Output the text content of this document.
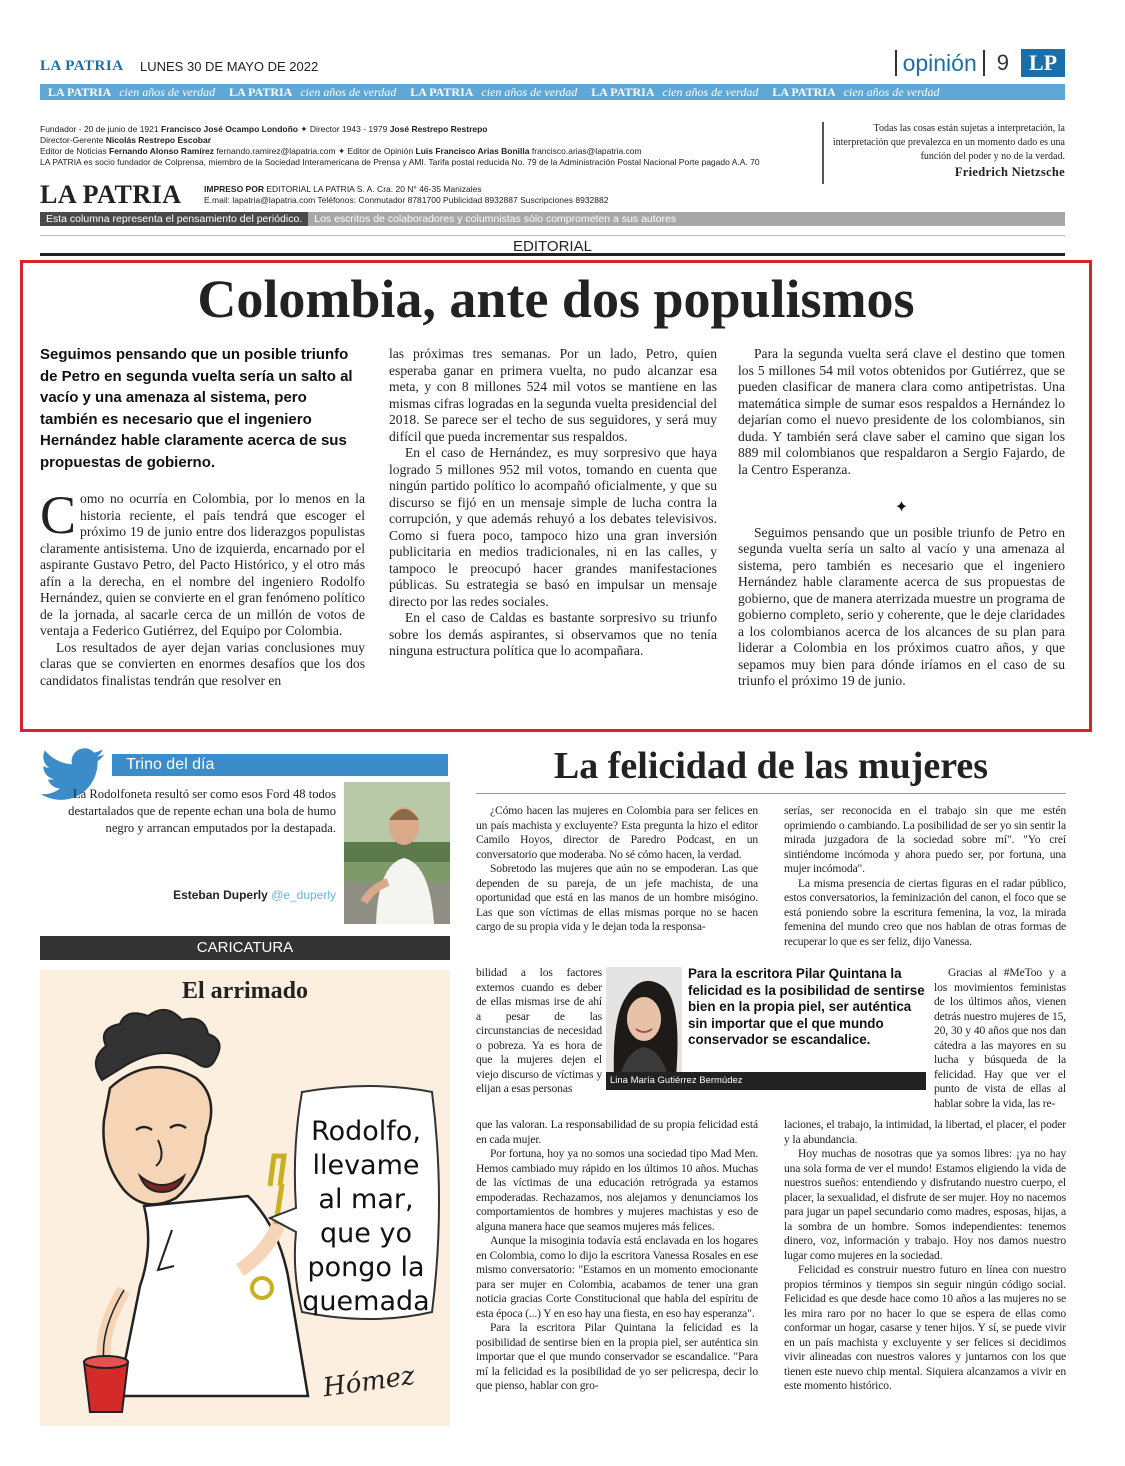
LA PATRIA LUNES 30 DE MAYO DE 2022	opinión 9 LP
LA PATRIA cien años de verdad LA PATRIA cien años de verdad LA PATRIA cien años de verdad LA PATRIA cien años de verdad LA PATRIA cien años de verdad
Fundador - 20 de junio de 1921 Francisco José Ocampo Londoño ✦ Director 1943 - 1979 José Restrepo Restrepo
Director-Gerente Nicolás Restrepo Escobar
Editor de Noticias Fernando Alonso Ramírez fernando.ramirez@lapatria.com ✦ Editor de Opinión Luis Francisco Arias Bonilla francisco.arias@lapatria.com
LA PATRIA es socio fundador de Colprensa, miembro de la Sociedad Interamericana de Prensa y AMI. Tarifa postal reducida No. 79 de la Administración Postal Nacional Porte pagado A.A. 70
Todas las cosas están sujetas a interpretación, la interpretación que prevalezca en un momento dado es una función del poder y no de la verdad.
Friedrich Nietzsche
LA PATRIA	IMPRESO POR EDITORIAL LA PATRIA S. A. Cra. 20 N° 46-35 Manizales
E.mail: lapatria@lapatria.com Teléfonos: Conmutador 8781700 Publicidad 8932887 Suscripciones 8932882
Esta columna representa el pensamiento del periódico.	Los escritos de colaboradores y columnistas sólo comprometen a sus autores
EDITORIAL
Colombia, ante dos populismos
Seguimos pensando que un posible triunfo de Petro en segunda vuelta sería un salto al vacío y una amenaza al sistema, pero también es necesario que el ingeniero Hernández hable claramente acerca de sus propuestas de gobierno.

Como no ocurría en Colombia, por lo menos en la historia reciente, el país tendrá que escoger el próximo 19 de junio entre dos liderazgos populistas claramente antisistema. Uno de izquierda, encarnado por el aspirante Gustavo Petro, del Pacto Histórico, y el otro más afín a la derecha, en el nombre del ingeniero Rodolfo Hernández, quien se convierte en el gran fenómeno político de la jornada, al sacarle cerca de un millón de votos de ventaja a Federico Gutiérrez, del Equipo por Colombia.

Los resultados de ayer dejan varias conclusiones muy claras que se convierten en enormes desafíos que los dos candidatos finalistas tendrán que resolver en

las próximas tres semanas. Por un lado, Petro, quien esperaba ganar en primera vuelta, no pudo alcanzar esa meta, y con 8 millones 524 mil votos se mantiene en las mismas cifras logradas en la segunda vuelta presidencial del 2018. Se parece ser el techo de sus seguidores, y será muy difícil que pueda incrementar sus respaldos.

En el caso de Hernández, es muy sorpresivo que haya logrado 5 millones 952 mil votos, tomando en cuenta que ningún partido político lo acompañó oficialmente, y que su discurso se fijó en un mensaje simple de lucha contra la corrupción, y que además rehuyó a los debates televisivos. Como si fuera poco, tampoco hizo una gran inversión publicitaria en medios tradicionales, ni en las calles, y tampoco le preocupó hacer grandes manifestaciones públicas. Su estrategia se basó en impulsar un mensaje directo por las redes sociales.

En el caso de Caldas es bastante sorpresivo su triunfo sobre los demás aspirantes, si observamos que no tenía ninguna estructura política que lo acompañara.

Para la segunda vuelta será clave el destino que tomen los 5 millones 54 mil votos obtenidos por Gutiérrez, que se pueden clasificar de manera clara como antipetristas. Una matemática simple de sumar esos respaldos a Hernández lo dejarían como el nuevo presidente de los colombianos, sin duda. Y también será clave saber el camino que sigan los 889 mil colombianos que respaldaron a Sergio Fajardo, de la Centro Esperanza.

✦

Seguimos pensando que un posible triunfo de Petro en segunda vuelta sería un salto al vacío y una amenaza al sistema, pero también es necesario que el ingeniero Hernández hable claramente acerca de sus propuestas de gobierno, que de manera aterrizada muestre un programa de gobierno completo, serio y coherente, que le deje claridades a los colombianos acerca de los alcances de su plan para liderar a Colombia en los próximos cuatro años, y que sepamos muy bien para dónde iríamos en el caso de su triunfo el próximo 19 de junio.

Trino del día
La Rodolfoneta resultó ser como esos Ford 48 todos destartalados que de repente echan una bola de humo negro y arrancan emputados por la destapada.
Esteban Duperly @e_duperly
CARICATURA
El arrimado
Rodolfo,
llevame
al mar,
que yo
pongo la
quemada
Hómez
La felicidad de las mujeres

¿Cómo hacen las mujeres en Colombia para ser felices en un país machista y excluyente? Esta pregunta la hizo el editor Camilo Hoyos, director de Paredro Podcast, en un conversatorio que moderaba. No sé cómo hacen, la verdad.

Sobretodo las mujeres que aún no se empoderan. Las que dependen de su pareja, de un jefe machista, de una oportunidad que está en las manos de un hombre misógino. Las que son víctimas de ellas mismas porque no se hacen cargo de su propia vida y le dejan toda la responsa-

bilidad a los factores externos cuando es deber de ellas mismas irse de ahí a pesar de las circunstancias de necesidad o pobreza. Ya es hora de que la mujeres dejen el viejo discurso de víctimas y elijan a esas personas

que las valoran. La responsabilidad de su propia felicidad está en cada mujer.

Por fortuna, hoy ya no somos una sociedad tipo Mad Men. Hemos cambiado muy rápido en los últimos 10 años. Muchas de las víctimas de una educación retrógrada ya estamos empoderadas. Rechazamos, nos alejamos y denunciamos los comportamientos de hombres y mujeres machistas y eso de alguna manera hace que seamos mujeres más felices.

Aunque la misoginia todavía está enclavada en los hogares en Colombia, como lo dijo la escritora Vanessa Rosales en ese mismo conversatorio: "Estamos en un momento emocionante para ser mujer en Colombia, acabamos de tener una gran noticia gracias Corte Constitucional que habla del espíritu de esta época (...) Y en eso hay una fiesta, en eso hay esperanza".

Para la escritora Pilar Quintana la felicidad es la posibilidad de sentirse bien en la propia piel, ser auténtica sin importar que el que mundo conservador se escandalice. "Para mí la felicidad es la posibilidad de yo ser pelicrespa, decir lo que pienso, hablar con gro-

serías, ser reconocida en el trabajo sin que me estén oprimiendo o cambiando. La posibilidad de ser yo sin sentir la mirada juzgadora de la sociedad sobre mí". "Yo creí sintiéndome incómoda y ahora puedo ser, por fortuna, una mujer incómoda".

La misma presencia de ciertas figuras en el radar público, estos conversatorios, la feminización del canon, el foco que se está poniendo sobre la escritura femenina, la voz, la mirada femenina del mundo creo que nos hablan de otras formas de recuperar lo que es ser feliz, dijo Vanessa.

Gracias al #MeToo y a los movimientos feministas de los últimos años, vienen detrás nuestro mujeres de 15, 20, 30 y 40 años que nos dan cátedra a las mayores en su lucha y búsqueda de la felicidad. Hay que ver el punto de vista de ellas al hablar sobre la vida, las re-

laciones, el trabajo, la intimidad, la libertad, el placer, el poder y la abundancia.

Hoy muchas de nosotras que ya somos libres: ¡ya no hay una sola forma de ver el mundo! Estamos eligiendo la vida de nuestros sueños: entendiendo y disfrutando nuestro cuerpo, el placer, la sexualidad, el disfrute de ser mujer. Hoy no nacemos para jugar un papel secundario como madres, esposas, hijas, a la sombra de un hombre. Somos independientes: tenemos dinero, voz, información y trabajo. Hoy nos damos nuestro lugar como mujeres en la sociedad.

Felicidad es construir nuestro futuro en línea con nuestro propios términos y tiempos sin seguir ningún código social. Felicidad es que desde hace como 10 años a las mujeres no se les mira raro por no hacer lo que se espera de ellas como conformar un hogar, casarse y tener hijos. Y sí, se puede vivir en un país machista y excluyente y ser felices si decidimos vivir alineadas con nuestros valores y juntarnos con los que tienen este nuevo chip mental. Siquiera alcanzamos a vivir en este momento histórico.

Para la escritora Pilar Quintana la felicidad es la posibilidad de sentirse bien en la propia piel, ser auténtica sin importar que el que mundo conservador se escandalice.
Lina María Gutiérrez Bermúdez
